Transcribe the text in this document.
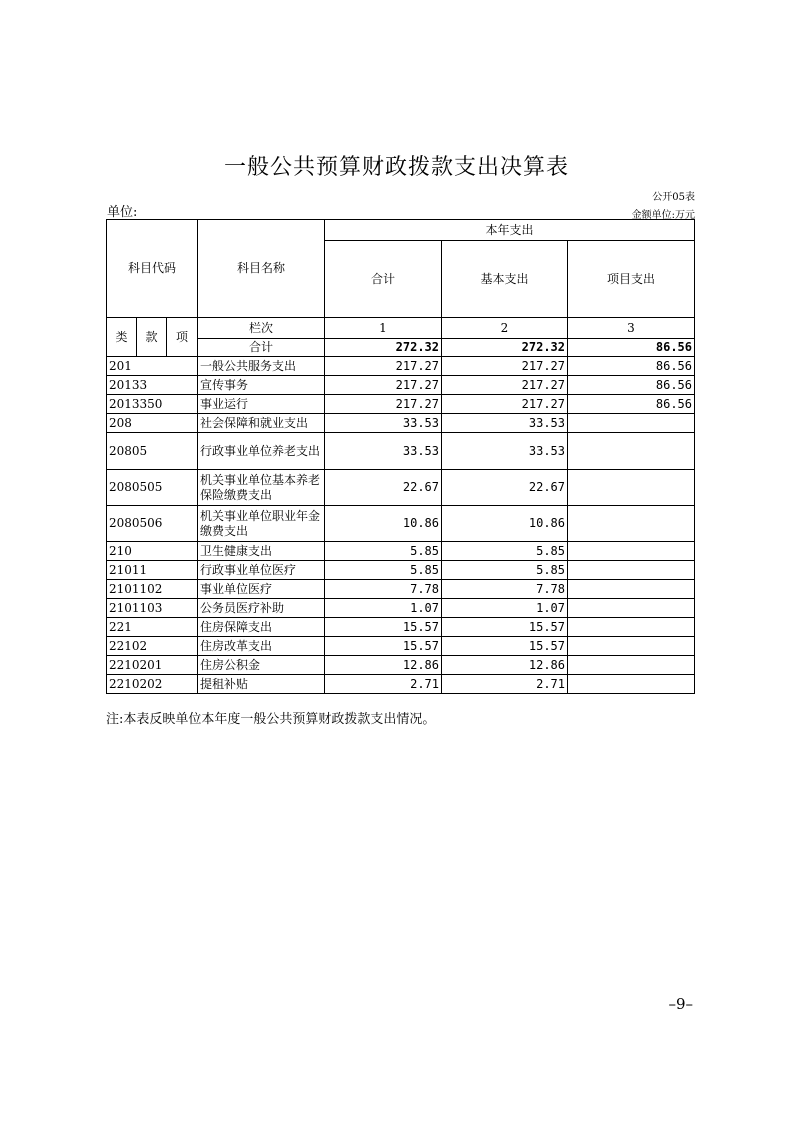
一般公共预算财政拨款支出决算表
公开05表
单位:	金额单位:万元
科目代码			科目名称	本年支出		
				合计	基本支出	项目支出
类	款	项	栏次	1	2	3
			合计	272.32	272.32	86.56
201			一般公共服务支出	217.27	217.27	86.56
20133			宣传事务	217.27	217.27	86.56
2013350			事业运行	217.27	217.27	86.56
208			社会保障和就业支出	33.53	33.53	
20805			行政事业单位养老支出	33.53	33.53	
2080505			机关事业单位基本养老保险缴费支出	22.67	22.67	
2080506			机关事业单位职业年金缴费支出	10.86	10.86	
210			卫生健康支出	5.85	5.85	
21011			行政事业单位医疗	5.85	5.85	
2101102			事业单位医疗	7.78	7.78	
2101103			公务员医疗补助	1.07	1.07	
221			住房保障支出	15.57	15.57	
22102			住房改革支出	15.57	15.57	
2210201			住房公积金	12.86	12.86	
2210202			提租补贴	2.71	2.71	
注:本表反映单位本年度一般公共预算财政拨款支出情况。
–9–
